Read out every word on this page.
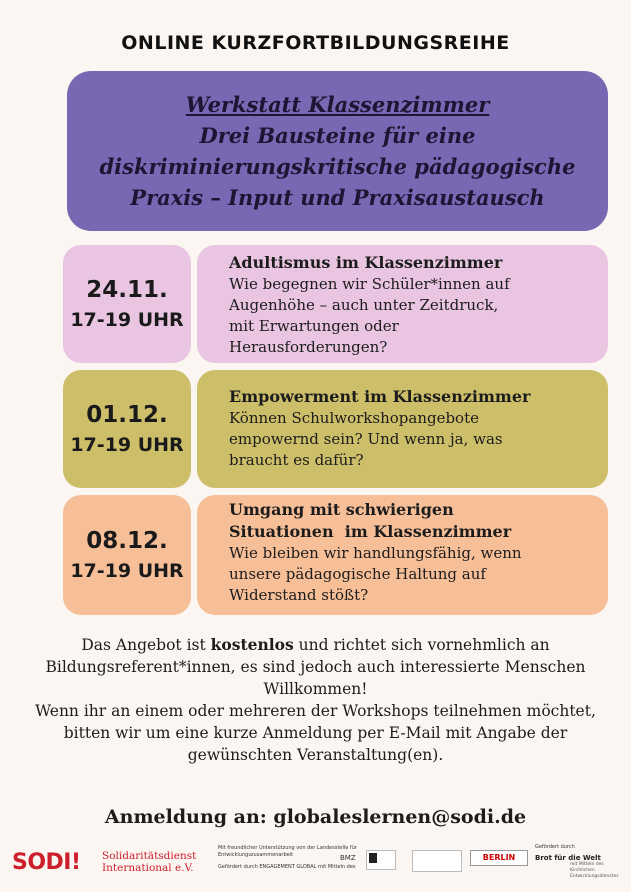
ONLINE KURZFORTBILDUNGSREIHE
Werkstatt Klassenzimmer
Drei Bausteine für eine
diskriminierungskritische pädagogische
Praxis – Input und Praxisaustausch
24.11.
17-19 UHR
Adultismus im Klassenzimmer
Wie begegnen wir Schüler*innen auf
Augenhöhe – auch unter Zeitdruck,
mit Erwartungen oder
Herausforderungen?
01.12.
17-19 UHR
Empowerment im Klassenzimmer
Können Schulworkshopangebote
empowernd sein? Und wenn ja, was
braucht es dafür?
08.12.
17-19 UHR
Umgang mit schwierigen
Situationen  im Klassenzimmer
Wie bleiben wir handlungsfähig, wenn
unsere pädagogische Haltung auf
Widerstand stößt?
Das Angebot ist kostenlos und richtet sich vornehmlich an
Bildungsreferent*innen, es sind jedoch auch interessierte Menschen
Willkommen!
Wenn ihr an einem oder mehreren der Workshops teilnehmen möchtet,
bitten wir um eine kurze Anmeldung per E-Mail mit Angabe der
gewünschten Veranstaltung(en).
Anmeldung an: globaleslernen@sodi.de
SODI! Solidaritätsdienst
International e.V.
Mit freundlicher Unterstützung von der Landesstelle für
Entwicklungszusammenarbeit
Gefördert durch ENGAGEMENT GLOBAL mit Mitteln des
BMZ	BERLIN
Gefördert durch
Brot für die Welt
mit Mitteln des Kirchlichen Entwicklungsdienstes
